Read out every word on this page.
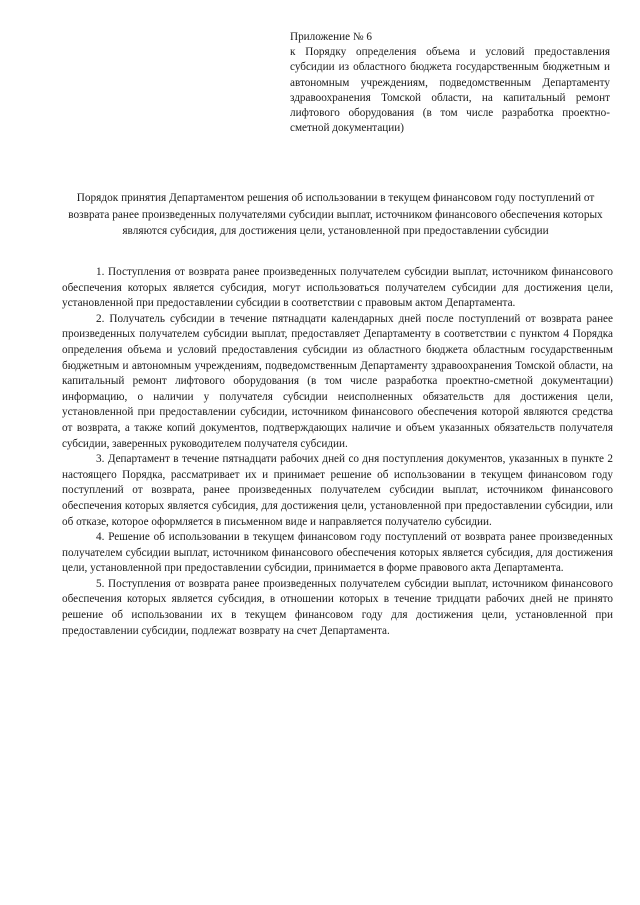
Приложение № 6

к Порядку определения объема и условий предоставления субсидии из областного бюджета государственным бюджетным и автономным учреждениям, подведомственным Департаменту здравоохранения Томской области, на капитальный ремонт лифтового оборудования (в том числе разработка проектно-сметной документации)

Порядок принятия Департаментом решения об использовании в текущем финансовом году поступлений от возврата ранее произведенных получателями субсидии выплат, источником финансового обеспечения которых являются субсидия, для достижения цели, установленной при предоставлении субсидии

1. Поступления от возврата ранее произведенных получателем субсидии выплат, источником финансового обеспечения которых является субсидия, могут использоваться получателем субсидии для достижения цели, установленной при предоставлении субсидии в соответствии с правовым актом Департамента.

2. Получатель субсидии в течение пятнадцати календарных дней после поступлений от возврата ранее произведенных получателем субсидии выплат, предоставляет Департаменту в соответствии с пунктом 4 Порядка определения объема и условий предоставления субсидии из областного бюджета областным государственным бюджетным и автономным учреждениям, подведомственным Департаменту здравоохранения Томской области, на капитальный ремонт лифтового оборудования (в том числе разработка проектно-сметной документации) информацию, о наличии у получателя субсидии неисполненных обязательств для достижения цели, установленной при предоставлении субсидии, источником финансового обеспечения которой являются средства от возврата, а также копий документов, подтверждающих наличие и объем указанных обязательств получателя субсидии, заверенных руководителем получателя субсидии.

3. Департамент в течение пятнадцати рабочих дней со дня поступления документов, указанных в пункте 2 настоящего Порядка, рассматривает их и принимает решение об использовании в текущем финансовом году поступлений от возврата, ранее произведенных получателем субсидии выплат, источником финансового обеспечения которых является субсидия, для достижения цели, установленной при предоставлении субсидии, или об отказе, которое оформляется в письменном виде и направляется получателю субсидии.

4. Решение об использовании в текущем финансовом году поступлений от возврата ранее произведенных получателем субсидии выплат, источником финансового обеспечения которых является субсидия, для достижения цели, установленной при предоставлении субсидии, принимается в форме правового акта Департамента.

5. Поступления от возврата ранее произведенных получателем субсидии выплат, источником финансового обеспечения которых является субсидия, в отношении которых в течение тридцати рабочих дней не принято решение об использовании их в текущем финансовом году для достижения цели, установленной при предоставлении субсидии, подлежат возврату на счет Департамента.
